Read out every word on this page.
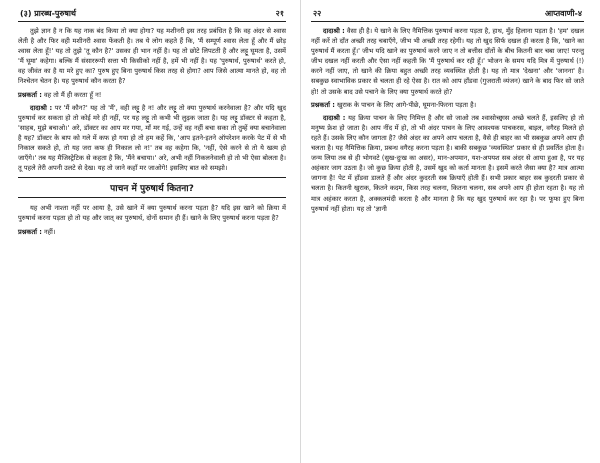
(३) प्रारब्ध-पुरुषार्थ	२१

तुझे ज्ञान है न कि यह नाक बंद किया तो क्या होगा? यह मशीनरी इस तरह प्रबंधित है कि वह अंदर से श्वास लेती है और फिर वही मशीनरी श्वास फेंकती है। तब ये लोग कहते हैं कि, 'मैं सम्पूर्ण श्वास लेता हूँ और मैं छोड़ श्वास लेता हूँ!' यह तो तुझे 'तू कौन है?' उसका ही भान नहीं है। यह तो छोटे लिपटती है और लट्टू घूमता है, उसमें 'मैं घूमा' कहेगा। बल्कि मैं संसाररूपी सत्ता भी किसीको नहीं है, हमें भी नहीं है। यह 'पुरुषार्थ, पुरुषार्थ' करते हो, वह जीवंत का है या मरे हुए का? पुरुष हुए बिना पुरुषार्थ किस तरह से होगा? आप जिसे आत्मा मानते हो, वह तो निश्चेतन चेतन है। यह पुरुषार्थ कौन करता है?

प्रश्नकर्ता : वह तो मैं ही करता हूँ न!

दादाश्री : पर 'मैं कौन?' यह तो 'मैं', वही लट्टू है न! और लट्टू तो क्या पुरुषार्थ करनेवाला है? और यदि खुद पुरुषार्थ कर सकता हो तो कोई मरे ही नहीं, पर यह लट्टू तो कभी भी लुढ़क जाता है। यह लट्टू डॉक्टर से कहता है, 'साहब, मुझे बचाओ।' अरे, डॉक्टर का आप मर गया, माँ मर गई, उन्हें वह नहीं बचा सका तो तुम्हें क्या बचानेवाला है यह? डॉक्टर के बाप को गले में कफ हो गया हो तो हम कहें कि, 'आप इतने-इतने ऑपरेशन करके पेट में से भी निकाल सकते हो, तो यह जरा कफ ही निकाल लो न!' तब वह कहेगा कि, 'नहीं, ऐसे करने से तो ये खत्म हो जाएँगे।' तब यह मैजिस्ट्रेटिक से कहता है कि, 'मैंने बचाया।' अरे, अभी नहीं निकलनेवाली हो तो भी ऐसा बोलता है। तू पहले तेरी अपनी उलटे से देख। यह तो जाने कहाँ मर जाओगे! इसलिए बात को समझो।

पाचन में पुरुषार्थ कितना?

यह अभी नाश्ता नहीं पर आया है, उसे खाने में क्या पुरुषार्थ करना पड़ता है? यदि इस खाने को क्रिया में पुरुषार्थ करना पड़ता हो तो यह और जात् का पुरुषार्थ, दोनों समान ही हैं। खाने के लिए पुरुषार्थ करना पड़ता है?

प्रश्नकर्ता : नहीं।

२२	आप्तवाणी-४

दादाश्री : वैसा ही है। ये खाने के लिए नैमित्तिक पुरुषार्थ करना पड़ता है, हाथ, मुँह हिलाना पड़ता है। 'हम' दखल नहीं करें तो दाँत अच्छी तरह चबाएँगे, जीभ भी अच्छी तरह रहेगी। यह तो खुद सिर्फ दखल ही करता है कि, 'खाने का पुरुषार्थ मैं करता हूँ।' जीभ यदि खाने का पुरुषार्थ करने जाए न तो बत्तीस दाँतों के बीच कितनी बार चबा जाए! परन्तु जीभ दखल नहीं करती और ऐसा नहीं कहती कि 'मैं पुरुषार्थ कर रही हूँ।' भोजन के समय यदि मित्र में पुरुषार्थ (!) करने नहीं जाए, तो खाने की क्रिया बहुत अच्छी तरह व्यवस्थित होती है। यह तो मात्र 'देखना' और 'जानना' है। सबकुछ स्वाभाविक प्रकार से चलता ही रहे ऐसा है। रात को आप हाँडवा (गुजराती व्यंजन) खाने के बाद फिर सो जाते हो! तो उसके बाद उसे पचाने के लिए क्या पुरुषार्थ करते हो?

प्रश्नकर्ता : खुराक के पाचन के लिए आगे-पीछे, घूमना-फिरना पड़ता है।

दादाश्री : यह क्रिया पाचन के लिए निमित्त है और सो जाओ तब श्वासोच्छ्वास अच्छे चलते हैं, इसलिए हो तो मनुष्य फ्रेश हो जाता है। आप नींद में हो, तो भी अंदर पाचन के लिए आवश्यक पाचकरस, बाइल, वगैरह मिलते हो रहते हैं। उसके लिए कौन जागता है? जैसे अंदर का अपने आप चलता है, वैसे ही बाहर का भी सबकुछ अपने आप ही चलता है। यह नैमित्तिक क्रिया, प्रबन्ध वगैरह करना पड़ता है। बाकी सबकुछ 'व्यवस्थित' प्रकार से ही प्रवर्तित होता है। जन्म लिया तब से ही भोगवटे (सुख-दुःख का असर), मान-अपमान, यश-अपयश सब अंदर से आया हुआ है, पर यह अहंकार जाग उठता है। जो कुछ क्रिया होती है, उसमें खुद को कर्ता मानता है। इसमें करते जैसा क्या है? मात्र आत्मा जागना है! पेट में हाँडवा डालते हैं और अंदर कुदरती सब क्रियाएँ होती हैं। सभी प्रकार बाहर सब कुदरती प्रकार से चलता है। कितनी खुराक, कितने कदम, किस तरह चलना, कितना चलना, सब अपने आप ही होता रहता है। यह तो मात्र अहंकार करता है, अक्कलमंदी करता है और मानता है कि यह खुद पुरुषार्थ कर रहा है। पर फूफा हुए बिना पुरुषार्थ नहीं होता। यह तो 'ज्ञानी
